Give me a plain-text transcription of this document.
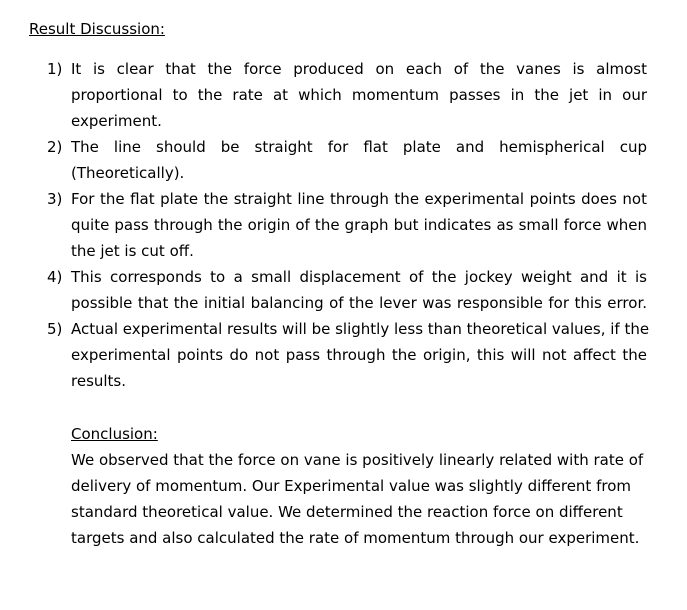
Result Discussion:
1) It is clear that the force produced on each of the vanes is almost
proportional to the rate at which momentum passes in the jet in our
experiment.
2) The line should be straight for flat plate and hemispherical cup
(Theoretically).
3) For the flat plate the straight line through the experimental points does not
quite pass through the origin of the graph but indicates as small force when
the jet is cut off.
4) This corresponds to a small displacement of the jockey weight and it is
possible that the initial balancing of the lever was responsible for this error.
5) Actual experimental results will be slightly less than theoretical values, if the
experimental points do not pass through the origin, this will not affect the
results.
Conclusion:
We observed that the force on vane is positively linearly related with rate of
delivery of momentum. Our Experimental value was slightly different from
standard theoretical value. We determined the reaction force on different
targets and also calculated the rate of momentum through our experiment.
